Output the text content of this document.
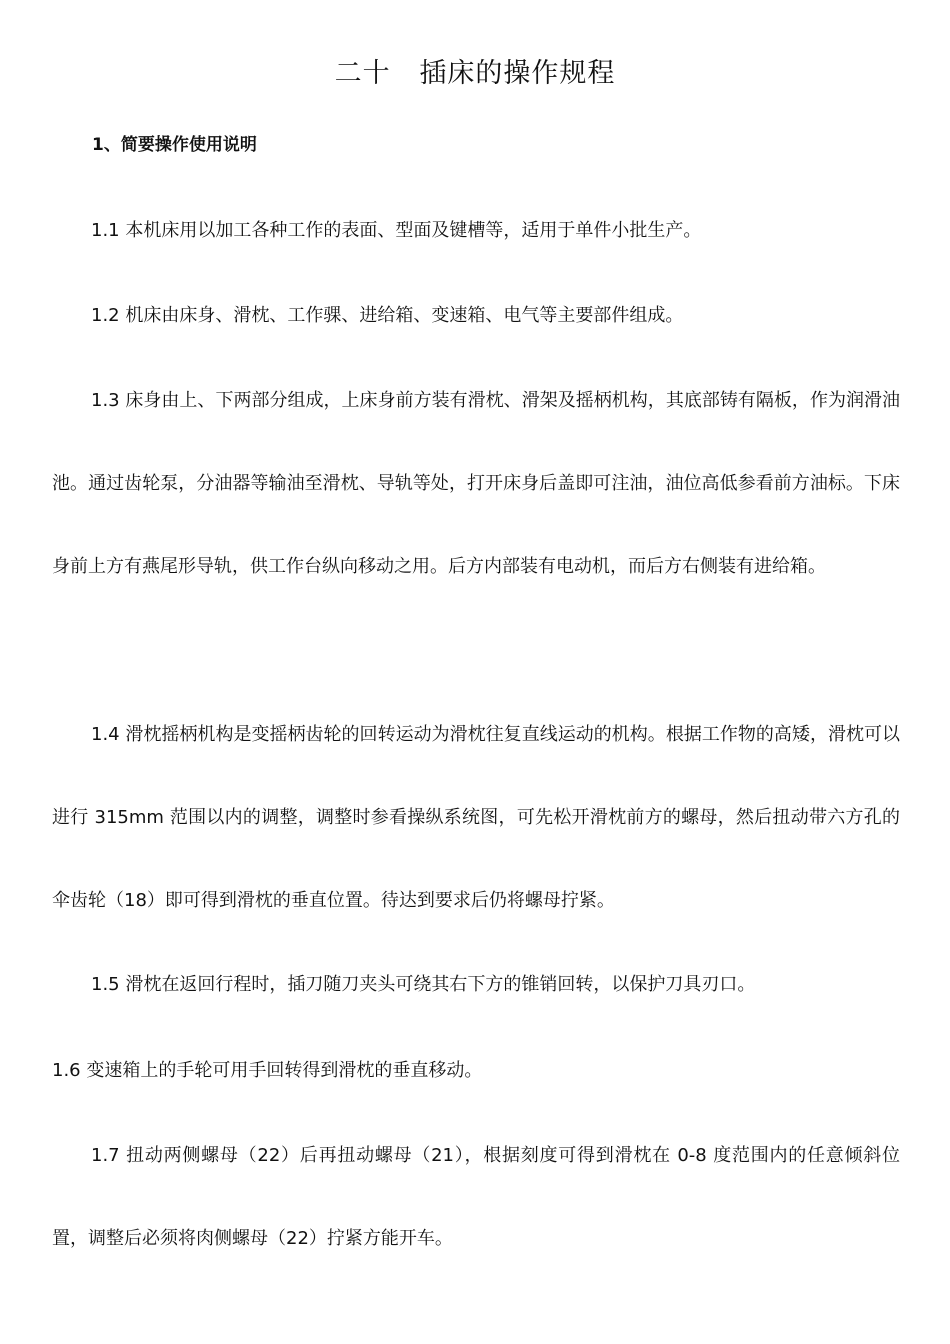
二十   插床的操作规程
1、简要操作使用说明
1.1 本机床用以加工各种工作的表面、型面及键槽等，适用于单件小批生产。
1.2 机床由床身、滑枕、工作骒、进给箱、变速箱、电气等主要部件组成。
1.3 床身由上、下两部分组成，上床身前方装有滑枕、滑架及摇柄机构，其底部铸有隔板，作为润滑油池。通过齿轮泵，分油器等输油至滑枕、导轨等处，打开床身后盖即可注油，油位高低参看前方油标。下床身前上方有燕尾形导轨，供工作台纵向移动之用。后方内部装有电动机，而后方右侧装有进给箱。
1.4 滑枕摇柄机构是变摇柄齿轮的回转运动为滑枕往复直线运动的机构。根据工作物的高矮，滑枕可以进行 315mm 范围以内的调整，调整时参看操纵系统图，可先松开滑枕前方的螺母，然后扭动带六方孔的伞齿轮（18）即可得到滑枕的垂直位置。待达到要求后仍将螺母拧紧。
1.5 滑枕在返回行程时，插刀随刀夹头可绕其右下方的锥销回转，以保护刀具刃口。
1.6 变速箱上的手轮可用手回转得到滑枕的垂直移动。
1.7 扭动两侧螺母（22）后再扭动螺母（21），根据刻度可得到滑枕在 0-8 度范围内的任意倾斜位置，调整后必须将肉侧螺母（22）拧紧方能开车。
